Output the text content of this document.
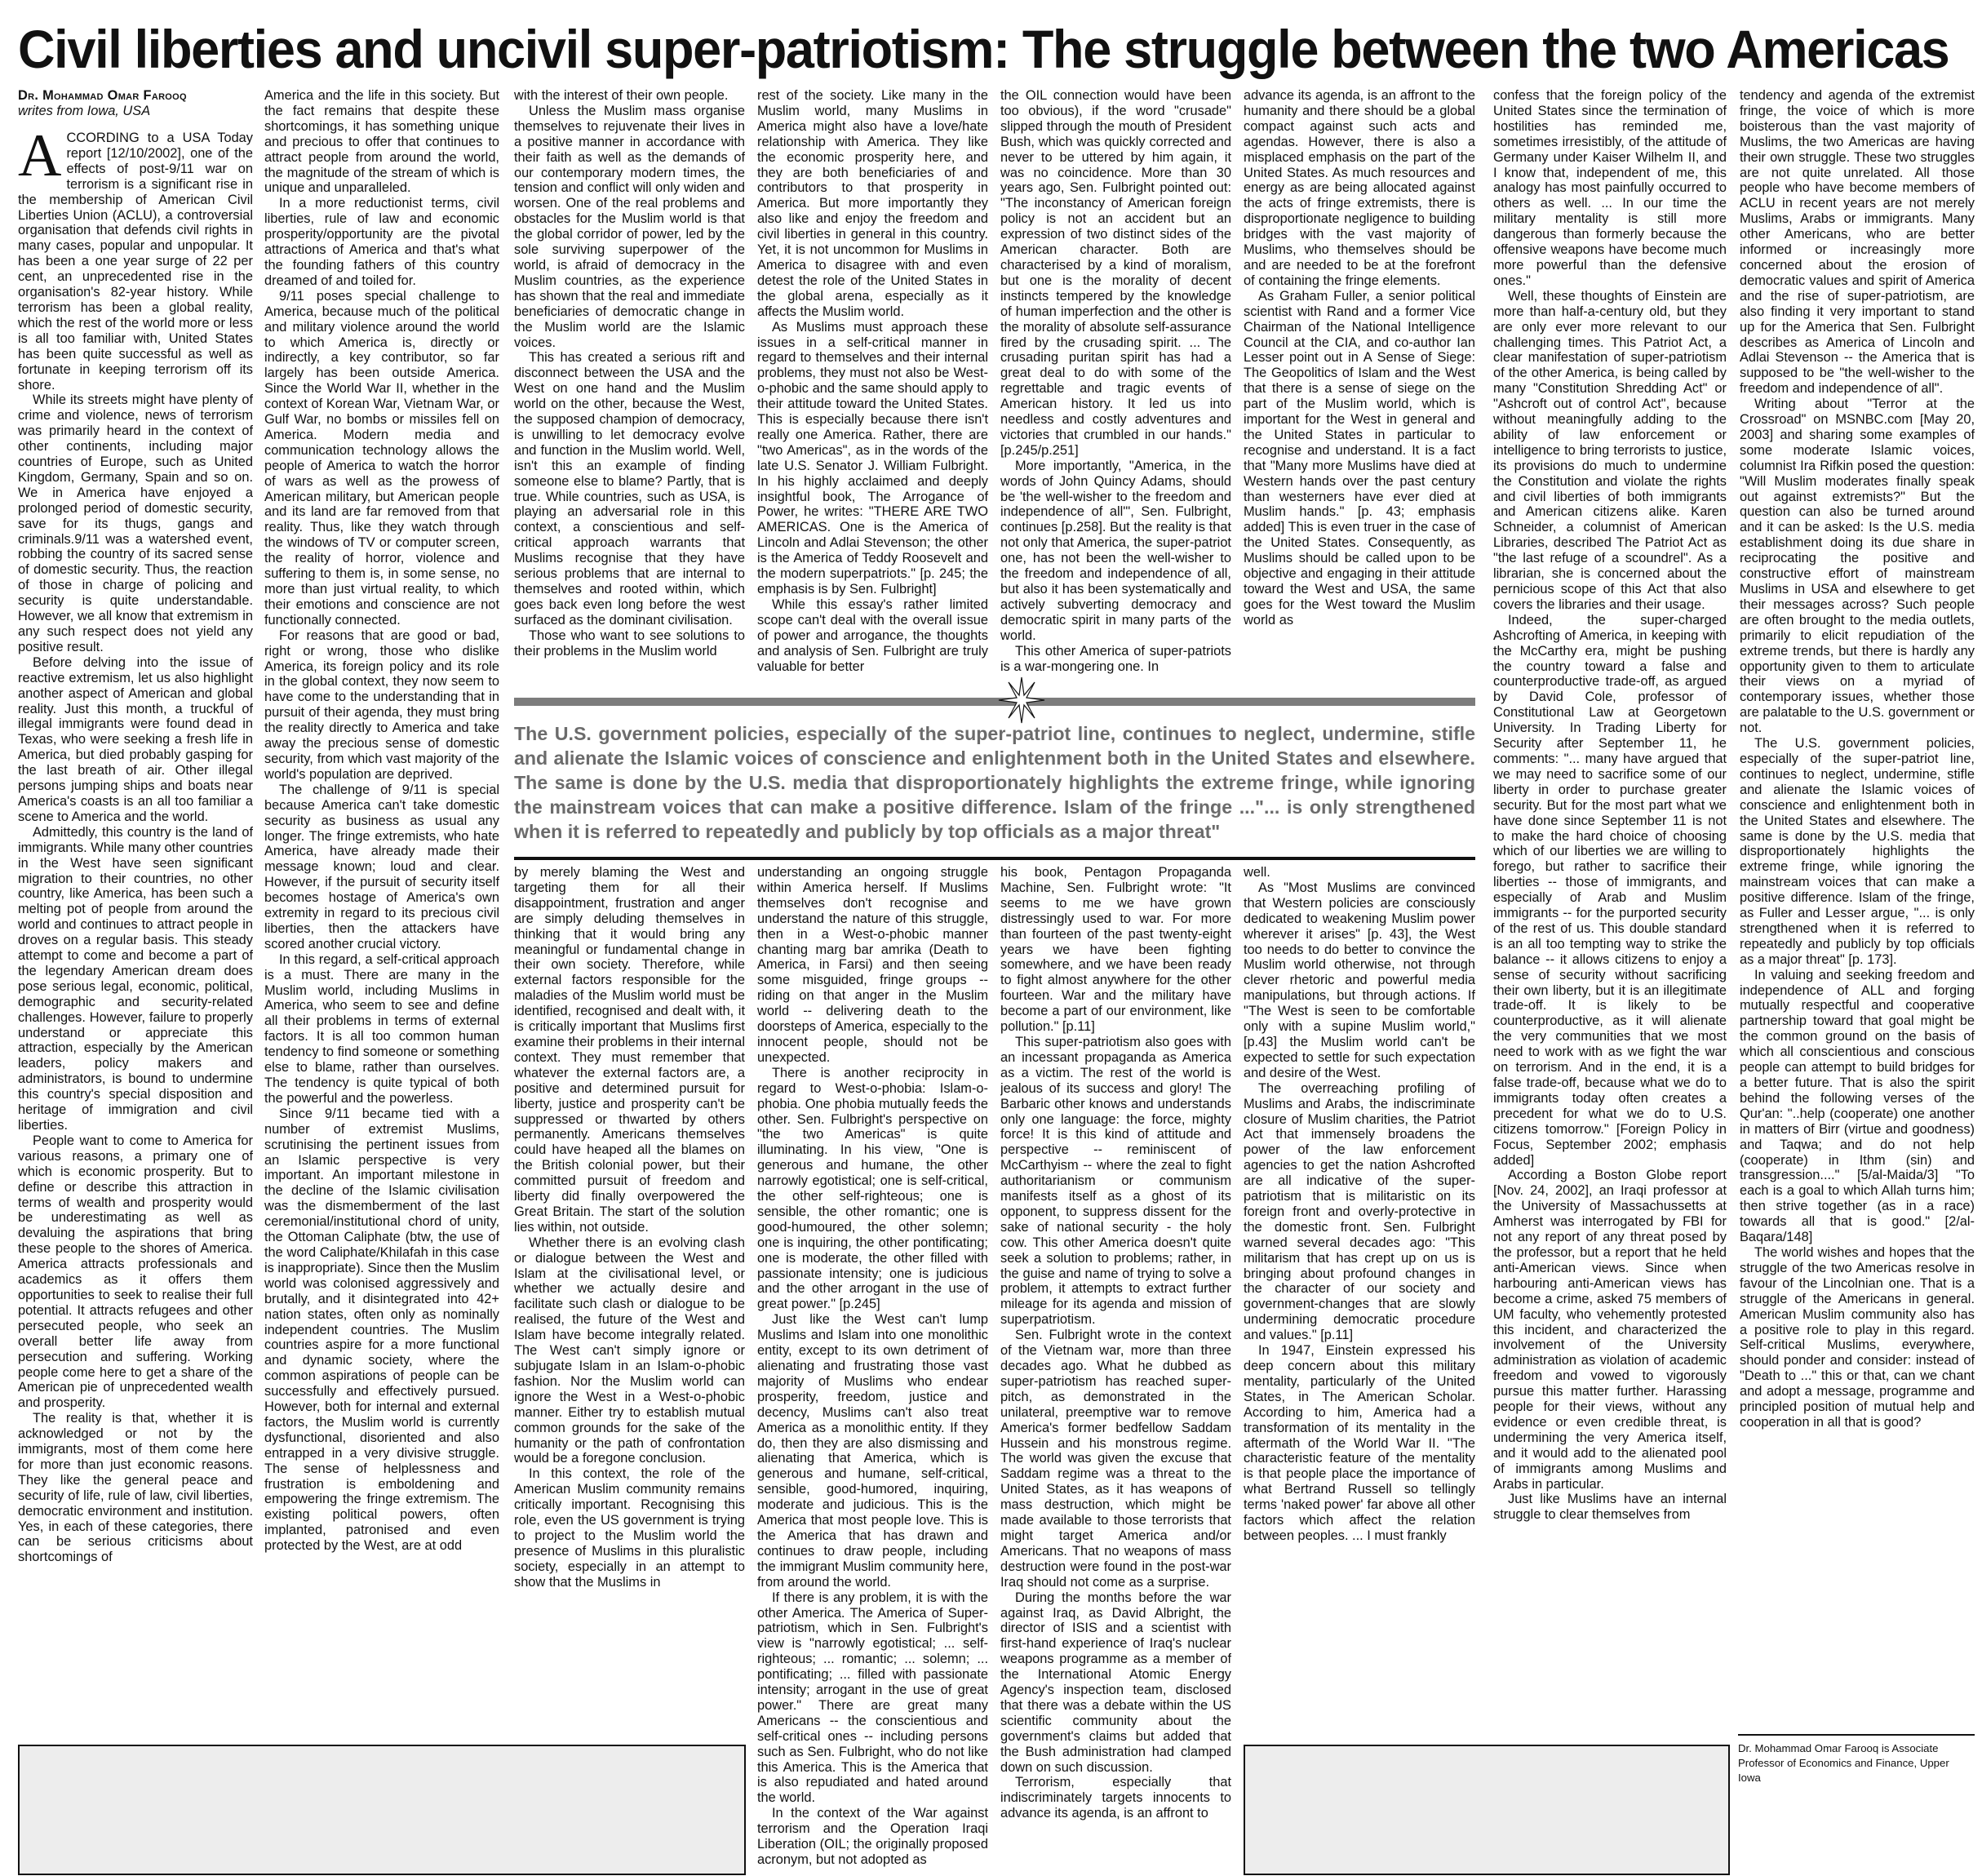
Civil liberties and uncivil super-patriotism: The struggle between the two Americas
Dr. Mohammad Omar Farooq
writes from Iowa, USA
A CCORDING to a USA Today report [12/10/2002], one of the effects of post-9/11 war on terrorism is a significant rise in the membership of American Civil Liberties Union (ACLU), a controversial organisation that defends civil rights in many cases, popular and unpopular. It has been a one year surge of 22 per cent, an unprecedented rise in the organisation's 82-year history. While terrorism has been a global reality, which the rest of the world more or less is all too familiar with, United States has been quite successful as well as fortunate in keeping terrorism off its shore.

While its streets might have plenty of crime and violence, news of terrorism was primarily heard in the context of other continents, including major countries of Europe, such as United Kingdom, Germany, Spain and so on. We in America have enjoyed a prolonged period of domestic security, save for its thugs, gangs and criminals.9/11 was a watershed event, robbing the country of its sacred sense of domestic security. Thus, the reaction of those in charge of policing and security is quite understandable. However, we all know that extremism in any such respect does not yield any positive result.

Before delving into the issue of reactive extremism, let us also highlight another aspect of American and global reality. Just this month, a truckful of illegal immigrants were found dead in Texas, who were seeking a fresh life in America, but died probably gasping for the last breath of air. Other illegal persons jumping ships and boats near America's coasts is an all too familiar a scene to America and the world.

Admittedly, this country is the land of immigrants. While many other countries in the West have seen significant migration to their countries, no other country, like America, has been such a melting pot of people from around the world and continues to attract people in droves on a regular basis. This steady attempt to come and become a part of the legendary American dream does pose serious legal, economic, political, demographic and security-related challenges. However, failure to properly understand or appreciate this attraction, especially by the American leaders, policy makers and administrators, is bound to undermine this country's special disposition and heritage of immigration and civil liberties.

People want to come to America for various reasons, a primary one of which is economic prosperity. But to define or describe this attraction in terms of wealth and prosperity would be underestimating as well as devaluing the aspirations that bring these people to the shores of America. America attracts professionals and academics as it offers them opportunities to seek to realise their full potential. It attracts refugees and other persecuted people, who seek an overall better life away from persecution and suffering. Working people come here to get a share of the American pie of unprecedented wealth and prosperity.

The reality is that, whether it is acknowledged or not by the immigrants, most of them come here for more than just economic reasons. They like the general peace and security of life, rule of law, civil liberties, democratic environment and institution. Yes, in each of these categories, there can be serious criticisms about shortcomings of

America and the life in this society. But the fact remains that despite these shortcomings, it has something unique and precious to offer that continues to attract people from around the world, the magnitude of the stream of which is unique and unparalleled.

In a more reductionist terms, civil liberties, rule of law and economic prosperity/opportunity are the pivotal attractions of America and that's what the founding fathers of this country dreamed of and toiled for.

9/11 poses special challenge to America, because much of the political and military violence around the world to which America is, directly or indirectly, a key contributor, so far largely has been outside America. Since the World War II, whether in the context of Korean War, Vietnam War, or Gulf War, no bombs or missiles fell on America. Modern media and communication technology allows the people of America to watch the horror of wars as well as the prowess of American military, but American people and its land are far removed from that reality. Thus, like they watch through the windows of TV or computer screen, the reality of horror, violence and suffering to them is, in some sense, no more than just virtual reality, to which their emotions and conscience are not functionally connected.

For reasons that are good or bad, right or wrong, those who dislike America, its foreign policy and its role in the global context, they now seem to have come to the understanding that in pursuit of their agenda, they must bring the reality directly to America and take away the precious sense of domestic security, from which vast majority of the world's population are deprived.

The challenge of 9/11 is special because America can't take domestic security as business as usual any longer. The fringe extremists, who hate America, have already made their message known; loud and clear. However, if the pursuit of security itself becomes hostage of America's own extremity in regard to its precious civil liberties, then the attackers have scored another crucial victory.

In this regard, a self-critical approach is a must. There are many in the Muslim world, including Muslims in America, who seem to see and define all their problems in terms of external factors. It is all too common human tendency to find someone or something else to blame, rather than ourselves. The tendency is quite typical of both the powerful and the powerless.

Since 9/11 became tied with a number of extremist Muslims, scrutinising the pertinent issues from an Islamic perspective is very important. An important milestone in the decline of the Islamic civilisation was the dismemberment of the last ceremonial/institutional chord of unity, the Ottoman Caliphate (btw, the use of the word Caliphate/Khilafah in this case is inappropriate). Since then the Muslim world was colonised aggressively and brutally, and it disintegrated into 42+ nation states, often only as nominally independent countries. The Muslim countries aspire for a more functional and dynamic society, where the common aspirations of people can be successfully and effectively pursued. However, both for internal and external factors, the Muslim world is currently dysfunctional, disoriented and also entrapped in a very divisive struggle. The sense of helplessness and frustration is emboldening and empowering the fringe extremism. The existing political powers, often implanted, patronised and even protected by the West, are at odd

with the interest of their own people.

Unless the Muslim mass organise themselves to rejuvenate their lives in a positive manner in accordance with their faith as well as the demands of our contemporary modern times, the tension and conflict will only widen and worsen. One of the real problems and obstacles for the Muslim world is that the global corridor of power, led by the sole surviving superpower of the world, is afraid of democracy in the Muslim countries, as the experience has shown that the real and immediate beneficiaries of democratic change in the Muslim world are the Islamic voices.

This has created a serious rift and disconnect between the USA and the West on one hand and the Muslim world on the other, because the West, the supposed champion of democracy, is unwilling to let democracy evolve and function in the Muslim world. Well, isn't this an example of finding someone else to blame? Partly, that is true. While countries, such as USA, is playing an adversarial role in this context, a conscientious and self-critical approach warrants that Muslims recognise that they have serious problems that are internal to themselves and rooted within, which goes back even long before the west surfaced as the dominant civilisation.

Those who want to see solutions to their problems in the Muslim world

rest of the society. Like many in the Muslim world, many Muslims in America might also have a love/hate relationship with America. They like the economic prosperity here, and they are both beneficiaries of and contributors to that prosperity in America. But more importantly they also like and enjoy the freedom and civil liberties in general in this country. Yet, it is not uncommon for Muslims in America to disagree with and even detest the role of the United States in the global arena, especially as it affects the Muslim world.

As Muslims must approach these issues in a self-critical manner in regard to themselves and their internal problems, they must not also be West-o-phobic and the same should apply to their attitude toward the United States. This is especially because there isn't really one America. Rather, there are "two Americas", as in the words of the late U.S. Senator J. William Fulbright. In his highly acclaimed and deeply insightful book, The Arrogance of Power, he writes: "THERE ARE TWO AMERICAS. One is the America of Lincoln and Adlai Stevenson; the other is the America of Teddy Roosevelt and the modern superpatriots." [p. 245; the emphasis is by Sen. Fulbright]

While this essay's rather limited scope can't deal with the overall issue of power and arrogance, the thoughts and analysis of Sen. Fulbright are truly valuable for better

the OIL connection would have been too obvious), if the word "crusade" slipped through the mouth of President Bush, which was quickly corrected and never to be uttered by him again, it was no coincidence. More than 30 years ago, Sen. Fulbright pointed out: "The inconstancy of American foreign policy is not an accident but an expression of two distinct sides of the American character. Both are characterised by a kind of moralism, but one is the morality of decent instincts tempered by the knowledge of human imperfection and the other is the morality of absolute self-assurance fired by the crusading spirit. ... The crusading puritan spirit has had a great deal to do with some of the regrettable and tragic events of American history. It led us into needless and costly adventures and victories that crumbled in our hands." [p.245/p.251]

More importantly, "America, in the words of John Quincy Adams, should be 'the well-wisher to the freedom and independence of all'", Sen. Fulbright, continues [p.258]. But the reality is that not only that America, the super-patriot one, has not been the well-wisher to the freedom and independence of all, but also it has been systematically and actively subverting democracy and democratic spirit in many parts of the world.

This other America of super-patriots is a war-mongering one. In

advance its agenda, is an affront to the humanity and there should be a global compact against such acts and agendas. However, there is also a misplaced emphasis on the part of the United States. As much resources and energy as are being allocated against the acts of fringe extremists, there is disproportionate negligence to building bridges with the vast majority of Muslims, who themselves should be and are needed to be at the forefront of containing the fringe elements.

As Graham Fuller, a senior political scientist with Rand and a former Vice Chairman of the National Intelligence Council at the CIA, and co-author Ian Lesser point out in A Sense of Siege: The Geopolitics of Islam and the West that there is a sense of siege on the part of the Muslim world, which is important for the West in general and the United States in particular to recognise and understand. It is a fact that "Many more Muslims have died at Western hands over the past century than westerners have ever died at Muslim hands." [p. 43; emphasis added] This is even truer in the case of the United States. Consequently, as Muslims should be called upon to be objective and engaging in their attitude toward the West and USA, the same goes for the West toward the Muslim world as

The U.S. government policies, especially of the super-patriot line, continues to neglect, undermine, stifle and alienate the Islamic voices of conscience and enlightenment both in the United States and elsewhere. The same is done by the U.S. media that disproportionately highlights the extreme fringe, while ignoring the mainstream voices that can make a positive difference. Islam of the fringe ..."... is only strengthened when it is referred to repeatedly and publicly by top officials as a major threat"

by merely blaming the West and targeting them for all their disappointment, frustration and anger are simply deluding themselves in thinking that it would bring any meaningful or fundamental change in their own society. Therefore, while external factors responsible for the maladies of the Muslim world must be identified, recognised and dealt with, it is critically important that Muslims first examine their problems in their internal context. They must remember that whatever the external factors are, a positive and determined pursuit for liberty, justice and prosperity can't be suppressed or thwarted by others permanently. Americans themselves could have heaped all the blames on the British colonial power, but their committed pursuit of freedom and liberty did finally overpowered the Great Britain. The start of the solution lies within, not outside.

Whether there is an evolving clash or dialogue between the West and Islam at the civilisational level, or whether we actually desire and facilitate such clash or dialogue to be realised, the future of the West and Islam have become integrally related. The West can't simply ignore or subjugate Islam in an Islam-o-phobic fashion. Nor the Muslim world can ignore the West in a West-o-phobic manner. Either try to establish mutual common grounds for the sake of the humanity or the path of confrontation would be a foregone conclusion.

In this context, the role of the American Muslim community remains critically important. Recognising this role, even the US government is trying to project to the Muslim world the presence of Muslims in this pluralistic society, especially in an attempt to show that the Muslims in

understanding an ongoing struggle within America herself. If Muslims themselves don't recognise and understand the nature of this struggle, then in a West-o-phobic manner chanting marg bar amrika (Death to America, in Farsi) and then seeing some misguided, fringe groups -- riding on that anger in the Muslim world -- delivering death to the doorsteps of America, especially to the innocent people, should not be unexpected.

There is another reciprocity in regard to West-o-phobia: Islam-o-phobia. One phobia mutually feeds the other. Sen. Fulbright's perspective on "the two Americas" is quite illuminating. In his view, "One is generous and humane, the other narrowly egotistical; one is self-critical, the other self-righteous; one is sensible, the other romantic; one is good-humoured, the other solemn; one is inquiring, the other pontificating; one is moderate, the other filled with passionate intensity; one is judicious and the other arrogant in the use of great power." [p.245]

Just like the West can't lump Muslims and Islam into one monolithic entity, except to its own detriment of alienating and frustrating those vast majority of Muslims who endear prosperity, freedom, justice and decency, Muslims can't also treat America as a monolithic entity. If they do, then they are also dismissing and alienating that America, which is generous and humane, self-critical, sensible, good-humored, inquiring, moderate and judicious. This is the America that most people love. This is the America that has drawn and continues to draw people, including the immigrant Muslim community here, from around the world.

If there is any problem, it is with the other America. The America of Super-patriotism, which in Sen. Fulbright's view is "narrowly egotistical; ... self-righteous; ... romantic; ... solemn; ... pontificating; ... filled with passionate intensity; arrogant in the use of great power." There are great many Americans -- the conscientious and self-critical ones -- including persons such as Sen. Fulbright, who do not like this America. This is the America that is also repudiated and hated around the world.

In the context of the War against terrorism and the Operation Iraqi Liberation (OIL; the originally proposed acronym, but not adopted as

his book, Pentagon Propaganda Machine, Sen. Fulbright wrote: "It seems to me we have grown distressingly used to war. For more than fourteen of the past twenty-eight years we have been fighting somewhere, and we have been ready to fight almost anywhere for the other fourteen. War and the military have become a part of our environment, like pollution." [p.11]

This super-patriotism also goes with an incessant propaganda as America as a victim. The rest of the world is jealous of its success and glory! The Barbaric other knows and understands only one language: the force, mighty force! It is this kind of attitude and perspective -- reminiscent of McCarthyism -- where the zeal to fight authoritarianism or communism manifests itself as a ghost of its opponent, to suppress dissent for the sake of national security - the holy cow. This other America doesn't quite seek a solution to problems; rather, in the guise and name of trying to solve a problem, it attempts to extract further mileage for its agenda and mission of superpatriotism.

Sen. Fulbright wrote in the context of the Vietnam war, more than three decades ago. What he dubbed as super-patriotism has reached super-pitch, as demonstrated in the unilateral, preemptive war to remove America's former bedfellow Saddam Hussein and his monstrous regime. The world was given the excuse that Saddam regime was a threat to the United States, as it has weapons of mass destruction, which might be made available to those terrorists that might target America and/or Americans. That no weapons of mass destruction were found in the post-war Iraq should not come as a surprise.

During the months before the war against Iraq, as David Albright, the director of ISIS and a scientist with first-hand experience of Iraq's nuclear weapons programme as a member of the International Atomic Energy Agency's inspection team, disclosed that there was a debate within the US scientific community about the government's claims but added that the Bush administration had clamped down on such discussion.

Terrorism, especially that indiscriminately targets innocents to advance its agenda, is an affront to

well.

As "Most Muslims are convinced that Western policies are consciously dedicated to weakening Muslim power wherever it arises" [p. 43], the West too needs to do better to convince the Muslim world otherwise, not through clever rhetoric and powerful media manipulations, but through actions. If "The West is seen to be comfortable only with a supine Muslim world," [p.43] the Muslim world can't be expected to settle for such expectation and desire of the West.

The overreaching profiling of Muslims and Arabs, the indiscriminate closure of Muslim charities, the Patriot Act that immensely broadens the power of the law enforcement agencies to get the nation Ashcrofted are all indicative of the super-patriotism that is militaristic on its foreign front and overly-protective in the domestic front. Sen. Fulbright warned several decades ago: "This militarism that has crept up on us is bringing about profound changes in the character of our society and government-changes that are slowly undermining democratic procedure and values." [p.11]

In 1947, Einstein expressed his deep concern about this military mentality, particularly of the United States, in The American Scholar. According to him, America had a transformation of its mentality in the aftermath of the World War II. "The characteristic feature of the mentality is that people place the importance of what Bertrand Russell so tellingly terms 'naked power' far above all other factors which affect the relation between peoples. ... I must frankly

confess that the foreign policy of the United States since the termination of hostilities has reminded me, sometimes irresistibly, of the attitude of Germany under Kaiser Wilhelm II, and I know that, independent of me, this analogy has most painfully occurred to others as well. ... In our time the military mentality is still more dangerous than formerly because the offensive weapons have become much more powerful than the defensive ones."

Well, these thoughts of Einstein are more than half-a-century old, but they are only ever more relevant to our challenging times. This Patriot Act, a clear manifestation of super-patriotism of the other America, is being called by many "Constitution Shredding Act" or "Ashcroft out of control Act", because without meaningfully adding to the ability of law enforcement or intelligence to bring terrorists to justice, its provisions do much to undermine the Constitution and violate the rights and civil liberties of both immigrants and American citizens alike. Karen Schneider, a columnist of American Libraries, described The Patriot Act as "the last refuge of a scoundrel". As a librarian, she is concerned about the pernicious scope of this Act that also covers the libraries and their usage.

Indeed, the super-charged Ashcrofting of America, in keeping with the McCarthy era, might be pushing the country toward a false and counterproductive trade-off, as argued by David Cole, professor of Constitutional Law at Georgetown University. In Trading Liberty for Security after September 11, he comments: "... many have argued that we may need to sacrifice some of our liberty in order to purchase greater security. But for the most part what we have done since September 11 is not to make the hard choice of choosing which of our liberties we are willing to forego, but rather to sacrifice their liberties -- those of immigrants, and especially of Arab and Muslim immigrants -- for the purported security of the rest of us. This double standard is an all too tempting way to strike the balance -- it allows citizens to enjoy a sense of security without sacrificing their own liberty, but it is an illegitimate trade-off. It is likely to be counterproductive, as it will alienate the very communities that we most need to work with as we fight the war on terrorism. And in the end, it is a false trade-off, because what we do to immigrants today often creates a precedent for what we do to U.S. citizens tomorrow." [Foreign Policy in Focus, September 2002; emphasis added]

According a Boston Globe report [Nov. 24, 2002], an Iraqi professor at the University of Massachussetts at Amherst was interrogated by FBI for not any report of any threat posed by the professor, but a report that he held anti-American views. Since when harbouring anti-American views has become a crime, asked 75 members of UM faculty, who vehemently protested this incident, and characterized the involvement of the University administration as violation of academic freedom and vowed to vigorously pursue this matter further. Harassing people for their views, without any evidence or even credible threat, is undermining the very America itself, and it would add to the alienated pool of immigrants among Muslims and Arabs in particular.

Just like Muslims have an internal struggle to clear themselves from

tendency and agenda of the extremist fringe, the voice of which is more boisterous than the vast majority of Muslims, the two Americas are having their own struggle. These two struggles are not quite unrelated. All those people who have become members of ACLU in recent years are not merely Muslims, Arabs or immigrants. Many other Americans, who are better informed or increasingly more concerned about the erosion of democratic values and spirit of America and the rise of super-patriotism, are also finding it very important to stand up for the America that Sen. Fulbright describes as America of Lincoln and Adlai Stevenson -- the America that is supposed to be "the well-wisher to the freedom and independence of all".

Writing about "Terror at the Crossroad" on MSNBC.com [May 20, 2003] and sharing some examples of some moderate Islamic voices, columnist Ira Rifkin posed the question: "Will Muslim moderates finally speak out against extremists?" But the question can also be turned around and it can be asked: Is the U.S. media establishment doing its due share in reciprocating the positive and constructive effort of mainstream Muslims in USA and elsewhere to get their messages across? Such people are often brought to the media outlets, primarily to elicit repudiation of the extreme trends, but there is hardly any opportunity given to them to articulate their views on a myriad of contemporary issues, whether those are palatable to the U.S. government or not.

The U.S. government policies, especially of the super-patriot line, continues to neglect, undermine, stifle and alienate the Islamic voices of conscience and enlightenment both in the United States and elsewhere. The same is done by the U.S. media that disproportionately highlights the extreme fringe, while ignoring the mainstream voices that can make a positive difference. Islam of the fringe, as Fuller and Lesser argue, "... is only strengthened when it is referred to repeatedly and publicly by top officials as a major threat" [p. 173].

In valuing and seeking freedom and independence of ALL and forging mutually respectful and cooperative partnership toward that goal might be the common ground on the basis of which all conscientious and conscious people can attempt to build bridges for a better future. That is also the spirit behind the following verses of the Qur'an: "..help (cooperate) one another in matters of Birr (virtue and goodness) and Taqwa; and do not help (cooperate) in Ithm (sin) and transgression...." [5/al-Maida/3] "To each is a goal to which Allah turns him; then strive together (as in a race) towards all that is good." [2/al-Baqara/148]

The world wishes and hopes that the struggle of the two Americas resolve in favour of the Lincolnian one. That is a struggle of the Americans in general. American Muslim community also has a positive role to play in this regard. Self-critical Muslims, everywhere, should ponder and consider: instead of "Death to ..." this or that, can we chant and adopt a message, programme and principled position of mutual help and cooperation in all that is good?

Dr. Mohammad Omar Farooq is Associate Professor of Economics and Finance, Upper Iowa
